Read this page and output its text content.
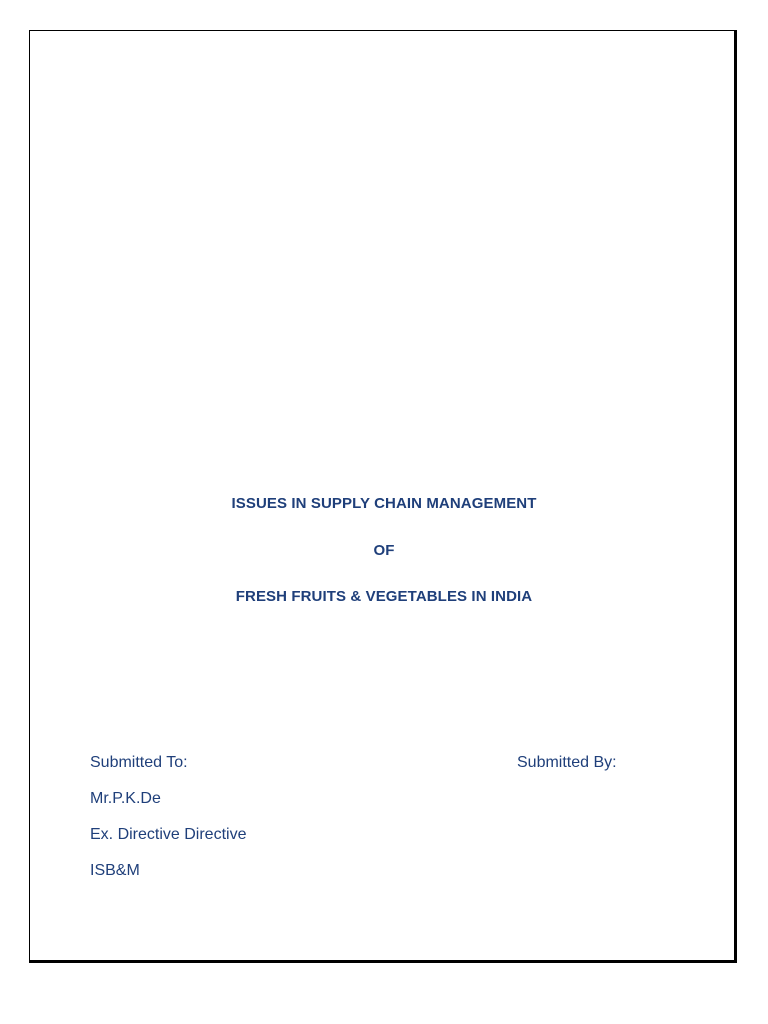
ISSUES IN SUPPLY CHAIN MANAGEMENT
OF
FRESH FRUITS & VEGETABLES IN INDIA
Submitted To:
Mr.P.K.De
Ex. Directive Directive
ISB&M
Submitted By:
